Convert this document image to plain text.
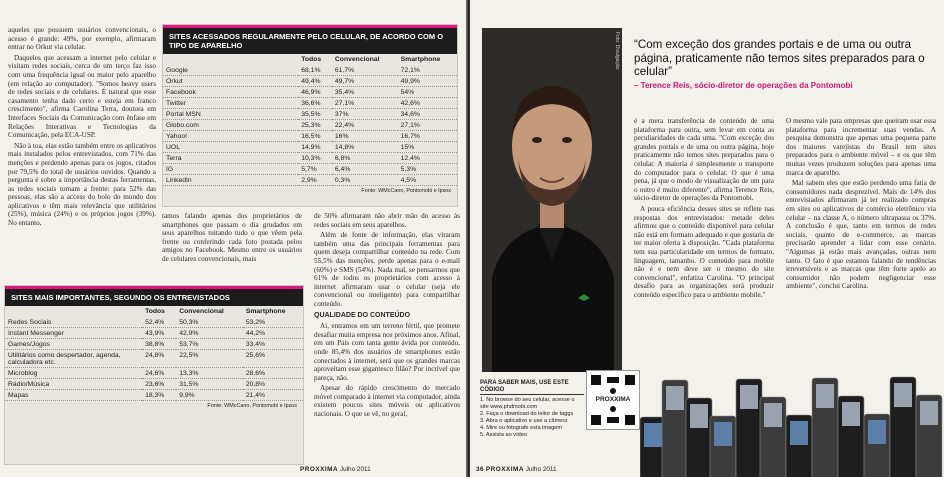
aqueles que possuem usuários convencionais, o acesso é grande: 49%, por exemplo, afirmaram entrar no Orkut via celular.

Daqueles que acessam a internet pelo celular e visitam redes sociais, cerca de um terço faz isso com uma frequência igual ou maior pelo aparelho (em relação ao computador). "Somos heavy users de redes sociais e de celulares. É natural que esse casamento tenha dado certo e esteja em franco crescimento", afirma Carolina Terra, doutora em Interfaces Sociais da Comunicação com ênfase em Relações Interativas e Tecnologias da Comunicação, pela ECA-USP.

Não à toa, elas estão também entre os aplicativos mais instalados pelos entrevistados, com 71% das menções e perdendo apenas para os jogos, citados por 79,5% do total de usuários ouvidos. Quando a pergunta é sobre a importância destas ferramentas, as redes sociais tomam a frente: para 52% das pessoas, elas são a access do bolo do mundo dos aplicativos e têm mais relevância que utilitários (25%), música (24%) e os próprios jogos (39%). No entanto,

SITES ACESSADOS REGULARMENTE PELO CELULAR, DE ACORDO COM O TIPO DE APARELHO
	Todos	Convencional	Smartphone
Google	68,1%	61,7%	72,1%
Orkut	49,4%	49,7%	49,9%
Facebook	46,9%	35,4%	54%
Twitter	36,6%	27,1%	42,6%
Portal MSN	35,5%	37%	34,6%
Globo.com	25,3%	22,4%	27,1%
Yahoo!	16,5%	16%	16,7%
UOL	14,9%	14,8%	15%
Terra	10,3%	6,8%	12,4%
IG	5,7%	6,4%	5,3%
LinkedIn	2,9%	0,3%	4,5%
Fonte: WMcCann, Pontomobi e Ipsos

tamos falando apenas dos proprietários de smartphones que passam o dia grudados em seus aparelhos tuitando tudo o que vêem pela frente ou conferindo cada foto postada pelos amigos no Facebook. Mesmo entre os usuários de celulares convencionais, mais

de 50% afirmaram não abrir mão do acesso às redes sociais em seus aparelhos.

Além de fonte de informação, elas viraram também uma das principais ferramentas para quem deseja compartilhar conteúdo na rede. Com 55,5% das menções, perde apenas para o e-mail (60%) e SMS (54%). Nada mal, se pensarmos que 61% de todos os proprietários com acesso à internet afirmaram usar o celular (seja ele convencional ou inteligente) para compartilhar conteúdo.

QUALIDADE DO CONTEÚDO

Ai, entramos em um terreno fértil, que promete desafiar muita empresa nos próximos anos. Afinal, em um País com tanta gente ávida por conteúdo, onde 85,4% dos usuários de smartphones estão conectados à internet, será que os grandes marcas aproveitam esse gigantesco filão? Por incrível que pareça, não.

Apesar do rápido crescimento do mercado móvel comparado à internet via computador, ainda existem poucos sites móveis ou aplicativos nacionais. O que se vê, no geral,

SITES MAIS IMPORTANTES, SEGUNDO OS ENTREVISTADOS
	Todos	Convencional	Smartphone
Redes Sociais	52,4%	50,3%	53,2%
Instant Messenger	43,9%	42,9%	44,2%
Games/Jogos	38,8%	53,7%	33,4%
Utilitários como despertador, agenda, calculadora etc.	24,8%	22,5%	25,6%
Microblog	24,6%	13,3%	28,6%
Rádio/Música	23,6%	31,5%	20,8%
Mapas	18,3%	9,9%	21,4%
Fonte: WMcCann, Pontomobi e Ipsos
PROXXIMA Julho 2011
Foto: Divulgação “Com exceção dos grandes portais e de uma ou outra página, praticamente não temos sites preparados para o celular”
– Terence Reis, sócio-diretor de operações da Pontomobi

é a mera transferência de conteúdo de uma plataforma para outra, sem levar em conta as peculiaridades de cada uma. "Com exceção dos grandes portais e de uma ou outra página, hoje praticamente não temos sites preparados para o celular. A maioria é simplesmente o transporte do computador para o celular. O que é uma pena, já que o modo de visualização de um para o outro é muito diferente", afirma Terence Reis, sócio-diretor de operações da Pontomobi.

A pouca eficiência desses sites se reflete nas respostas dos entrevistados: metade deles afirmou que o conteúdo disponível para celular não está em formato adequado e que gostaria de ter maior oferta à disposição. "Cada plataforma tem sua particularidade em termos de formato, linguagem, tamanho. O conteúdo para mobile não é e nem deve ser o mesmo do site convencional", enfatiza Carolina. "O principal desafio para as organizações será produzir conteúdo específico para o ambiente mobile."

O mesmo vale para empresas que queiram usar essa plataforma para incrementar suas vendas. A pesquisa demonstra que apenas uma pequena parte dos maiores varejistas do Brasil tem sites preparados para o ambiente móvel – e os que têm muitas vezes produzem soluções para apenas uma marca de aparelho.

Mal sabem eles que estão perdendo uma fatia de consumidores nada desprezível. Mais de 14% dos entrevistados afirmaram já ter realizado compras em sites ou aplicativos de comércio eletrônico via celular – na classe A, o número ultrapassa os 37%. A conclusão é que, tanto em termos de redes sociais, quanto de e-commerce, as marcas precisarão aprender a lidar com esse cenário. "Algumas já estão mais avançadas, outras nem tanto. O fato é que estamos falando de tendências irreversíveis e as marcas que têm forte apelo ao consumidor não podem negligenciar esse ambiente", conclui Carolina.

PARA SABER MAIS, USE ESTE CÓDIGO
1. No browse do seu celular, acesse o site www.phdmobi.com
2. Faça o download do leitor de taggs
3. Abra o aplicativo e use a câmera
4. Mire ou fotografe esta imagem
5. Assista ao vídeo
PROXXIMA
36 PROXXIMA Julho 2011
